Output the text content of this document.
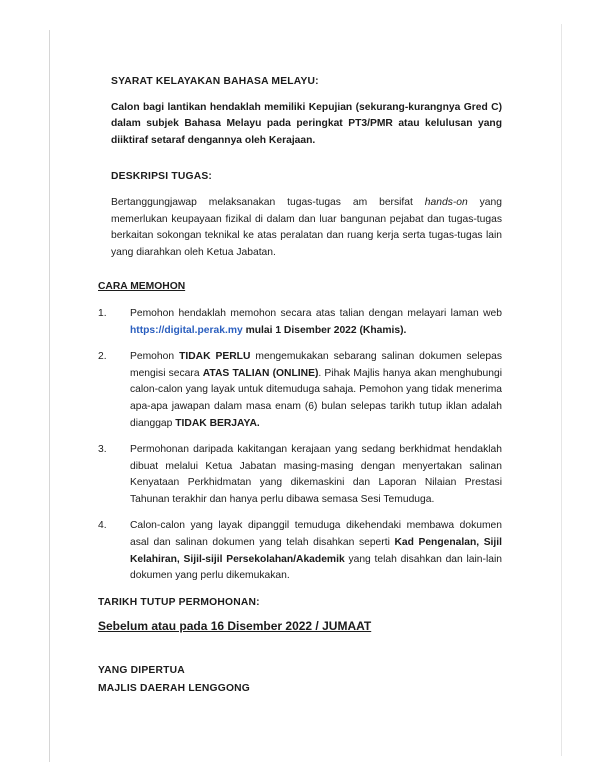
SYARAT KELAYAKAN BAHASA MELAYU:
Calon bagi lantikan hendaklah memiliki Kepujian (sekurang-kurangnya Gred C) dalam subjek Bahasa Melayu pada peringkat PT3/PMR atau kelulusan yang diiktiraf setaraf dengannya oleh Kerajaan.
DESKRIPSI TUGAS:
Bertanggungjawap melaksanakan tugas-tugas am bersifat hands-on yang memerlukan keupayaan fizikal di dalam dan luar bangunan pejabat dan tugas-tugas berkaitan sokongan teknikal ke atas peralatan dan ruang kerja serta tugas-tugas lain yang diarahkan oleh Ketua Jabatan.
CARA MEMOHON
1. Pemohon hendaklah memohon secara atas talian dengan melayari laman web https://digital.perak.my mulai 1 Disember 2022 (Khamis).
2. Pemohon TIDAK PERLU mengemukakan sebarang salinan dokumen selepas mengisi secara ATAS TALIAN (ONLINE). Pihak Majlis hanya akan menghubungi calon-calon yang layak untuk ditemuduga sahaja. Pemohon yang tidak menerima apa-apa jawapan dalam masa enam (6) bulan selepas tarikh tutup iklan adalah dianggap TIDAK BERJAYA.
3. Permohonan daripada kakitangan kerajaan yang sedang berkhidmat hendaklah dibuat melalui Ketua Jabatan masing-masing dengan menyertakan salinan Kenyataan Perkhidmatan yang dikemaskini dan Laporan Nilaian Prestasi Tahunan terakhir dan hanya perlu dibawa semasa Sesi Temuduga.
4. Calon-calon yang layak dipanggil temuduga dikehendaki membawa dokumen asal dan salinan dokumen yang telah disahkan seperti Kad Pengenalan, Sijil Kelahiran, Sijil-sijil Persekolahan/Akademik yang telah disahkan dan lain-lain dokumen yang perlu dikemukakan.
TARIKH TUTUP PERMOHONAN:
Sebelum atau pada 16 Disember 2022 / JUMAAT
YANG DIPERTUA
MAJLIS DAERAH LENGGONG
